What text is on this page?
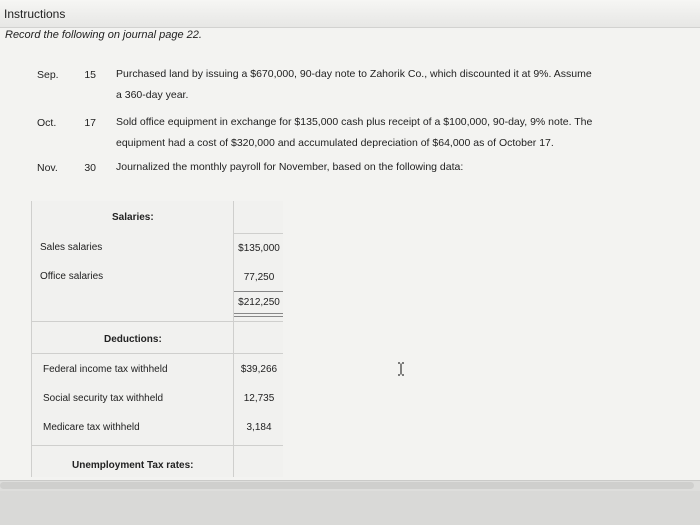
Instructions
Record the following on journal page 22.
Sep.	15 Purchased land by issuing a $670,000, 90-day note to Zahorik Co., which discounted it at 9%. Assume
a 360-day year.
Oct.	17 Sold office equipment in exchange for $135,000 cash plus receipt of a $100,000, 90-day, 9% note. The
equipment had a cost of $320,000 and accumulated depreciation of $64,000 as of October 17.
Nov.	30 Journalized the monthly payroll for November, based on the following data:
Salaries:
Sales salaries	$135,000
Office salaries	77,250
$212,250
Deductions:
Federal income tax withheld	$39,266
Social security tax withheld	12,735
Medicare tax withheld	3,184
Unemployment Tax rates:
